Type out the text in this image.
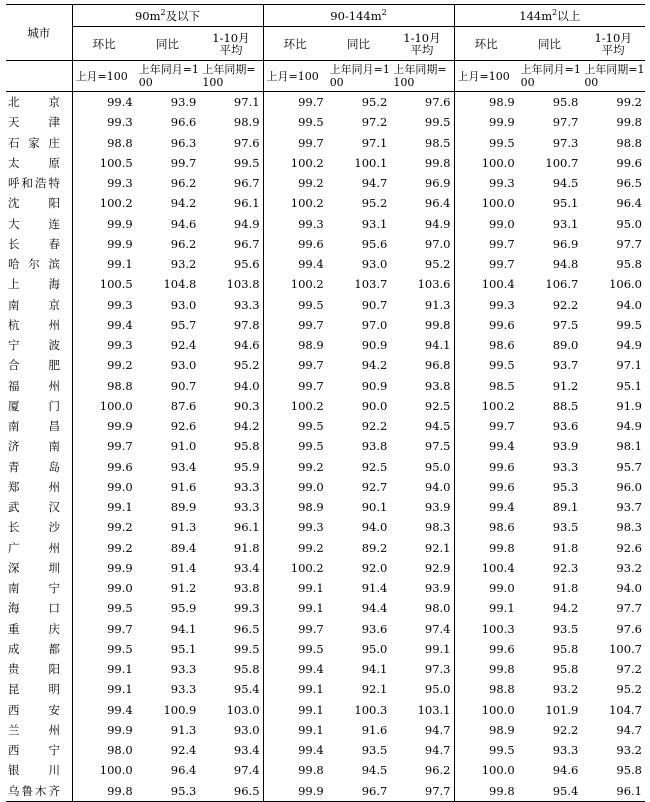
城市	$90m^2$及以下			$90-144m^2$			$144m^2$以上		
	环比	同比	1-10月平均	环比	同比	1-10月平均	环比	同比	1-10月平均
	上月=100	上年同月=100	上年同期=100	上月=100	上年同月=100	上年同期=100	上月=100	上年同月=100	上年同期=100

北京	99.4	93.9	97.1	99.7	95.2	97.6	98.9	95.8	99.2

天津	99.3	96.6	98.9	99.5	97.2	99.5	99.9	97.7	99.8

石家庄	98.8	96.3	97.6	99.7	97.1	98.5	99.5	97.3	98.8

太原	100.5	99.7	99.5	100.2	100.1	99.8	100.0	100.7	99.6

呼和浩特	99.3	96.2	96.7	99.2	94.7	96.9	99.3	94.5	96.5

沈阳	100.2	94.2	96.1	100.2	95.2	96.4	100.0	95.1	96.4

大连	99.9	94.6	94.9	99.3	93.1	94.9	99.0	93.1	95.0

长春	99.9	96.2	96.7	99.6	95.6	97.0	99.7	96.9	97.7

哈尔滨	99.1	93.2	95.6	99.4	93.0	95.2	99.7	94.8	95.8

上海	100.5	104.8	103.8	100.2	103.7	103.6	100.4	106.7	106.0

南京	99.3	93.0	93.3	99.5	90.7	91.3	99.3	92.2	94.0

杭州	99.4	95.7	97.8	99.7	97.0	99.8	99.6	97.5	99.5

宁波	99.3	92.4	94.6	98.9	90.9	94.1	98.6	89.0	94.9

合肥	99.2	93.0	95.2	99.7	94.2	96.8	99.5	93.7	97.1

福州	98.8	90.7	94.0	99.7	90.9	93.8	98.5	91.2	95.1

厦门	100.0	87.6	90.3	100.2	90.0	92.5	100.2	88.5	91.9

南昌	99.9	92.6	94.2	99.5	92.2	94.5	99.7	93.6	94.9

济南	99.7	91.0	95.8	99.5	93.8	97.5	99.4	93.9	98.1

青岛	99.6	93.4	95.9	99.2	92.5	95.0	99.6	93.3	95.7

郑州	99.0	91.6	93.3	99.0	92.7	94.0	99.6	95.3	96.0

武汉	99.1	89.9	93.3	98.9	90.1	93.9	99.4	89.1	93.7

长沙	99.2	91.3	96.1	99.3	94.0	98.3	98.6	93.5	98.3

广州	99.2	89.4	91.8	99.2	89.2	92.1	99.8	91.8	92.6

深圳	99.9	91.4	93.4	100.2	92.0	92.9	100.4	92.3	93.2

南宁	99.0	91.2	93.8	99.1	91.4	93.9	99.0	91.8	94.0

海口	99.5	95.9	99.3	99.1	94.4	98.0	99.1	94.2	97.7

重庆	99.7	94.1	96.5	99.7	93.6	97.4	100.3	93.5	97.6

成都	99.5	95.1	99.5	99.5	95.0	99.1	99.6	95.8	100.7

贵阳	99.1	93.3	95.8	99.4	94.1	97.3	99.8	95.8	97.2

昆明	99.1	93.3	95.4	99.1	92.1	95.0	98.8	93.2	95.2

西安	99.4	100.9	103.0	99.1	100.3	103.1	100.0	101.9	104.7

兰州	99.9	91.3	93.0	99.1	91.6	94.7	98.9	92.2	94.7

西宁	98.0	92.4	93.4	99.4	93.5	94.7	99.5	93.3	93.2

银川	100.0	96.4	97.4	99.8	94.5	96.2	100.0	94.6	95.8

乌鲁木齐	99.8	95.3	96.5	99.9	96.7	97.7	99.8	95.4	96.1
